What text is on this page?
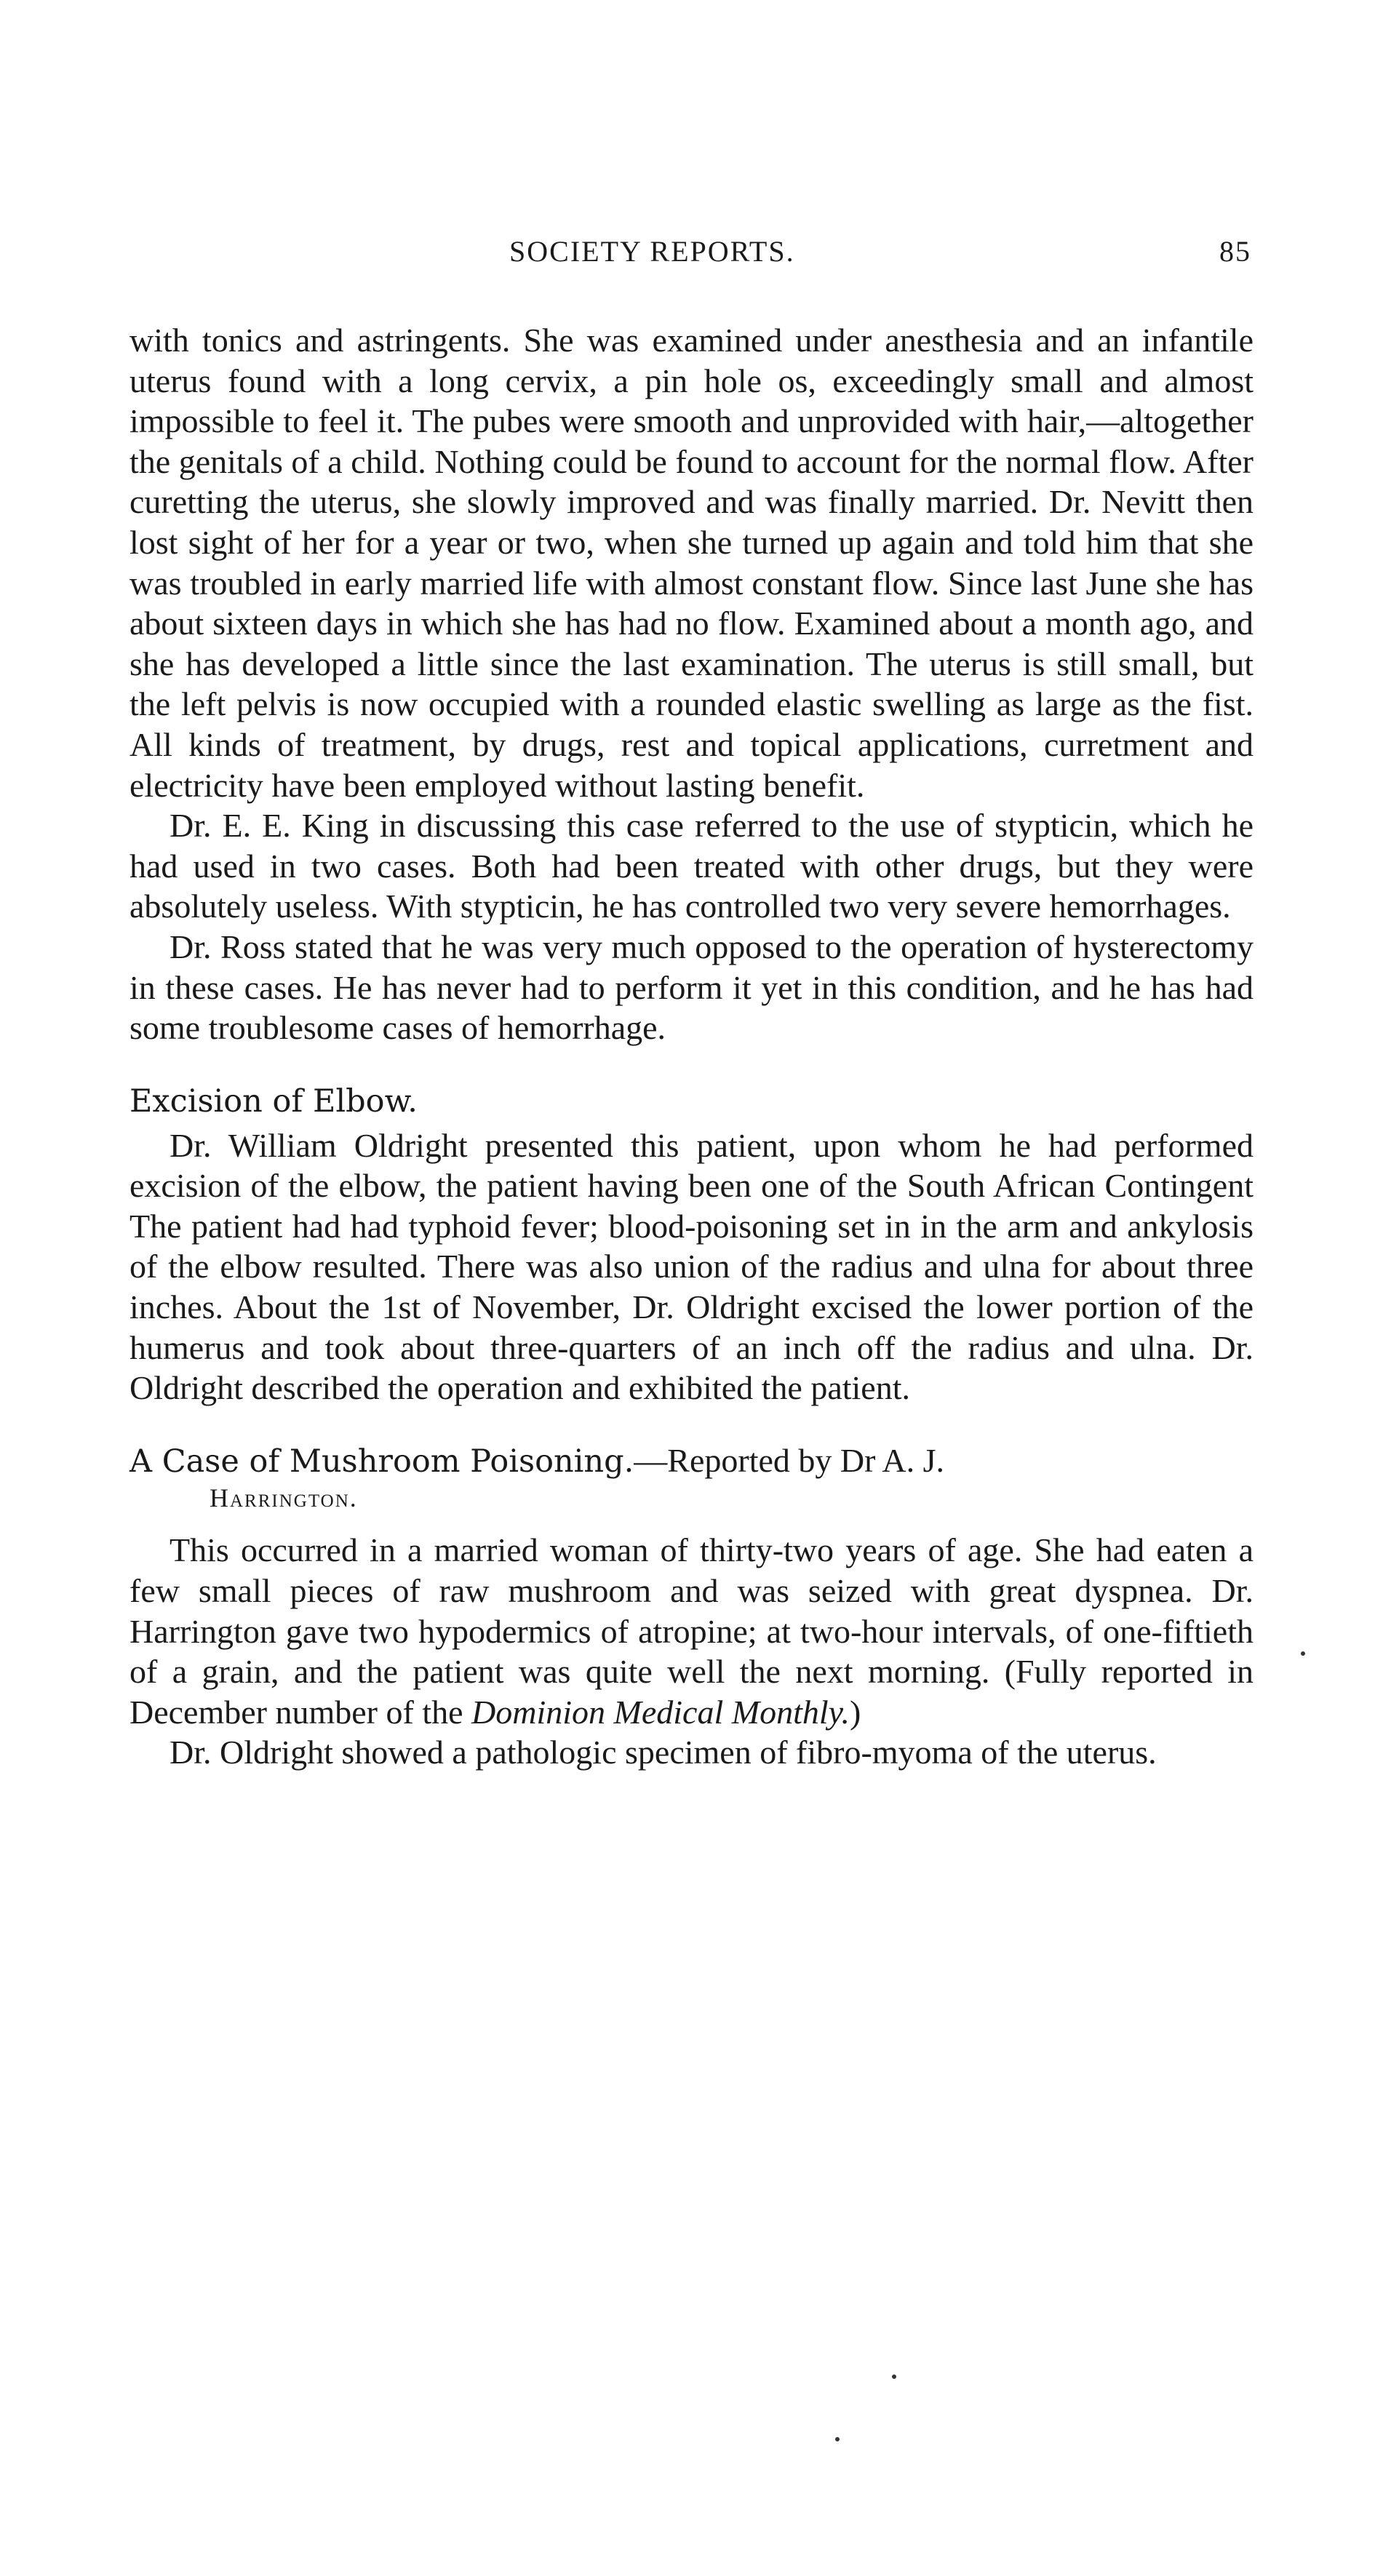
SOCIETY REPORTS.	85

with tonics and astringents. She was examined under anesthesia and an infantile uterus found with a long cervix, a pin hole os, exceedingly small and almost impossible to feel it. The pubes were smooth and unprovided with hair,—altogether the genitals of a child. Nothing could be found to account for the normal flow. After curetting the uterus, she slowly improved and was finally married. Dr. Nevitt then lost sight of her for a year or two, when she turned up again and told him that she was troubled in early married life with almost constant flow. Since last June she has about sixteen days in which she has had no flow. Examined about a month ago, and she has developed a little since the last examination. The uterus is still small, but the left pelvis is now occupied with a rounded elastic swelling as large as the fist. All kinds of treatment, by drugs, rest and topical applications, curretment and electricity have been employed without lasting benefit.

Dr. E. E. King in discussing this case referred to the use of stypticin, which he had used in two cases. Both had been treated with other drugs, but they were absolutely useless. With stypticin, he has controlled two very severe hemorrhages.

Dr. Ross stated that he was very much opposed to the operation of hysterectomy in these cases. He has never had to perform it yet in this condition, and he has had some troublesome cases of hemorrhage.

Excision of Elbow.

Dr. William Oldright presented this patient, upon whom he had performed excision of the elbow, the patient having been one of the South African Contingent The patient had had typhoid fever; blood-poisoning set in in the arm and ankylosis of the elbow resulted. There was also union of the radius and ulna for about three inches. About the 1st of November, Dr. Oldright excised the lower portion of the humerus and took about three-quarters of an inch off the radius and ulna. Dr. Oldright described the operation and exhibited the patient.

A Case of Mushroom Poisoning.—Reported by Dr A. J.
Harrington.

This occurred in a married woman of thirty-two years of age. She had eaten a few small pieces of raw mushroom and was seized with great dyspnea. Dr. Harrington gave two hypodermics of atropine; at two-hour intervals, of one-fiftieth of a grain, and the patient was quite well the next morning. (Fully reported in December number of the Dominion Medical Monthly.)

Dr. Oldright showed a pathologic specimen of fibro-myoma of the uterus.
